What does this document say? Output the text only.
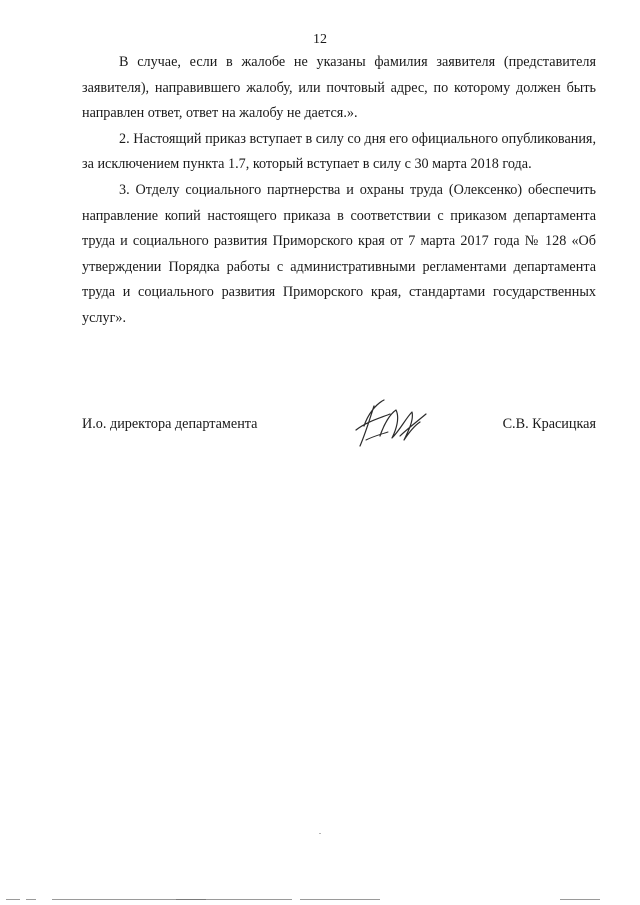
12

В случае, если в жалобе не указаны фамилия заявителя (представителя заявителя), направившего жалобу, или почтовый адрес, по которому должен быть направлен ответ, ответ на жалобу не дается.».

2. Настоящий приказ вступает в силу со дня его официального опубликования, за исключением пункта 1.7, который вступает в силу с 30 марта 2018 года.

3. Отделу социального партнерства и охраны труда (Олексенко) обеспечить направление копий настоящего приказа в соответствии с приказом департамента труда и социального развития Приморского края от 7 марта 2017 года № 128 «Об утверждении Порядка работы с административными регламентами департамента труда и социального развития Приморского края, стандартами государственных услуг».

И.о. директора департамента	С.В. Красицкая
